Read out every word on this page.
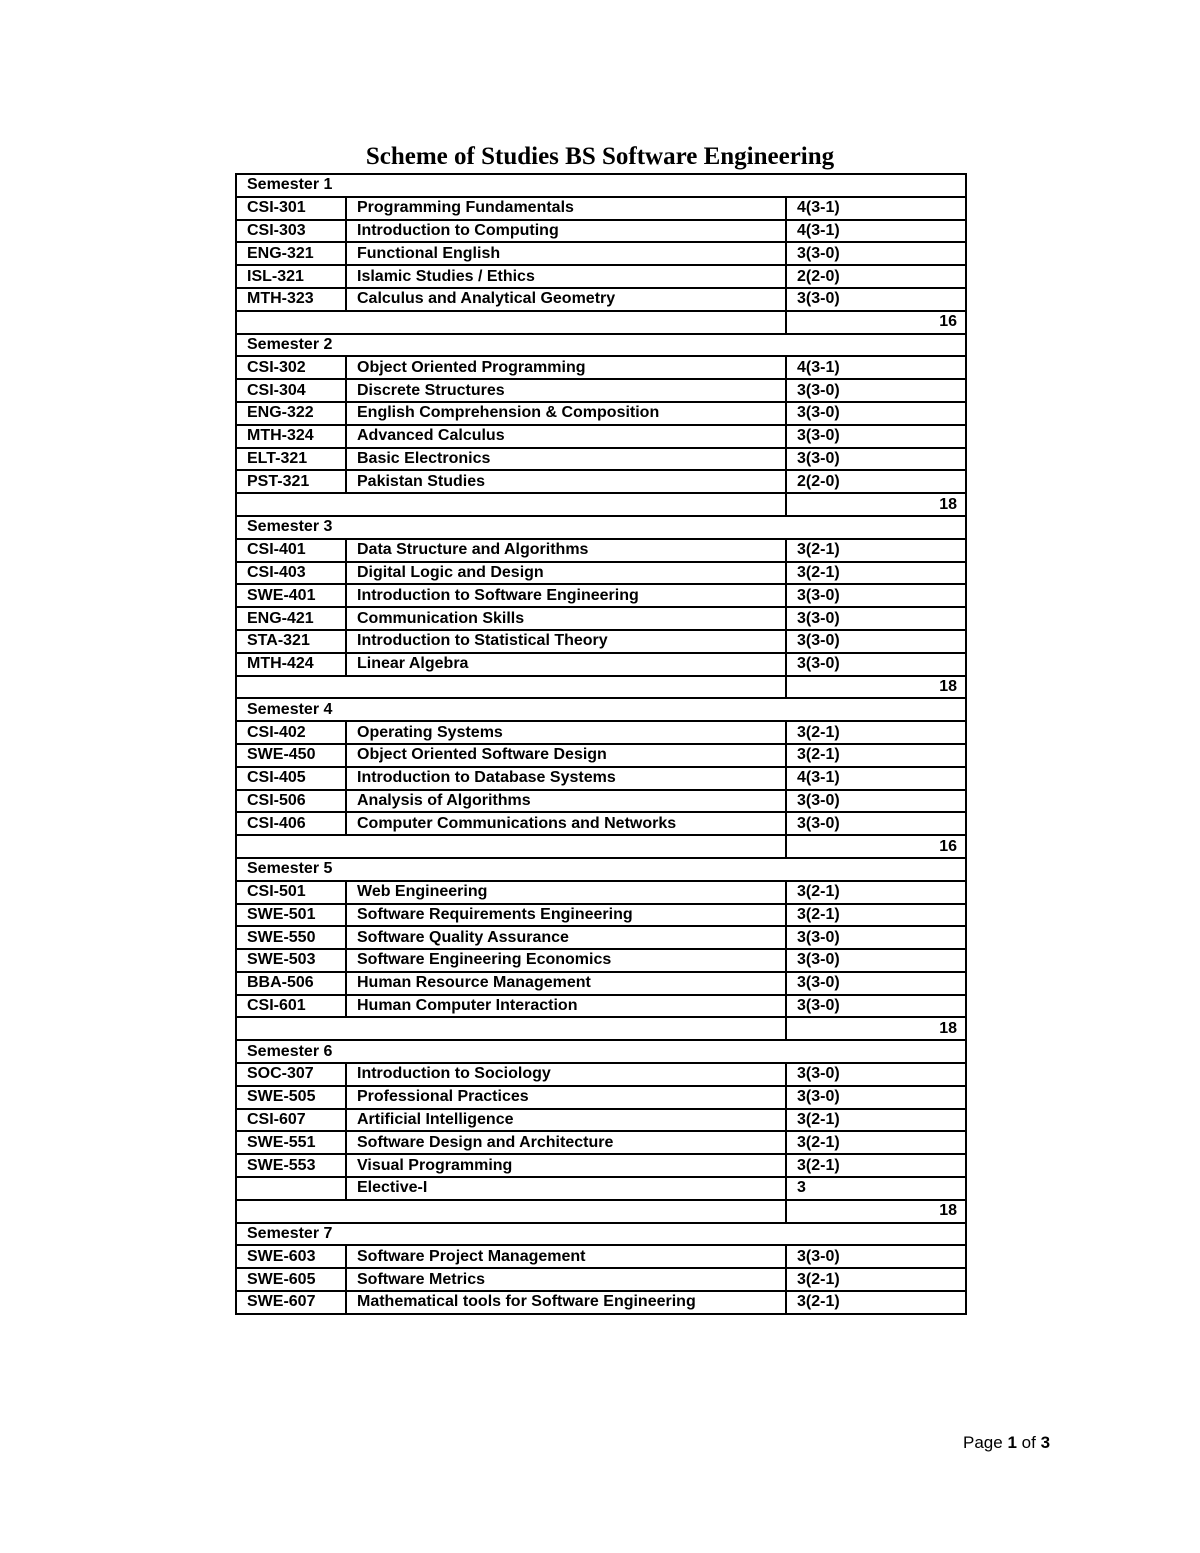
Scheme of Studies BS Software Engineering
Semester 1		
CSI-301	Programming Fundamentals	4(3-1)
CSI-303	Introduction to Computing	4(3-1)
ENG-321	Functional English	3(3-0)
ISL-321	Islamic Studies / Ethics	2(2-0)
MTH-323	Calculus and Analytical Geometry	3(3-0)
		16
Semester 2		
CSI-302	Object Oriented Programming	4(3-1)
CSI-304	Discrete Structures	3(3-0)
ENG-322	English Comprehension & Composition	3(3-0)
MTH-324	Advanced Calculus	3(3-0)
ELT-321	Basic Electronics	3(3-0)
PST-321	Pakistan Studies	2(2-0)
		18
Semester 3		
CSI-401	Data Structure and Algorithms	3(2-1)
CSI-403	Digital Logic and Design	3(2-1)
SWE-401	Introduction to Software Engineering	3(3-0)
ENG-421	Communication Skills	3(3-0)
STA-321	Introduction to Statistical Theory	3(3-0)
MTH-424	Linear Algebra	3(3-0)
		18
Semester 4		
CSI-402	Operating Systems	3(2-1)
SWE-450	Object Oriented Software Design	3(2-1)
CSI-405	Introduction to Database Systems	4(3-1)
CSI-506	Analysis of Algorithms	3(3-0)
CSI-406	Computer Communications and Networks	3(3-0)
		16
Semester 5		
CSI-501	Web Engineering	3(2-1)
SWE-501	Software Requirements Engineering	3(2-1)
SWE-550	Software Quality Assurance	3(3-0)
SWE-503	Software Engineering Economics	3(3-0)
BBA-506	Human Resource Management	3(3-0)
CSI-601	Human Computer Interaction	3(3-0)
		18
Semester 6		
SOC-307	Introduction to Sociology	3(3-0)
SWE-505	Professional Practices	3(3-0)
CSI-607	Artificial Intelligence	3(2-1)
SWE-551	Software Design and Architecture	3(2-1)
SWE-553	Visual Programming	3(2-1)
	Elective-I	3
		18
Semester 7		
SWE-603	Software Project Management	3(3-0)
SWE-605	Software Metrics	3(2-1)
SWE-607	Mathematical tools for Software Engineering	3(2-1)
Page 1 of 3
